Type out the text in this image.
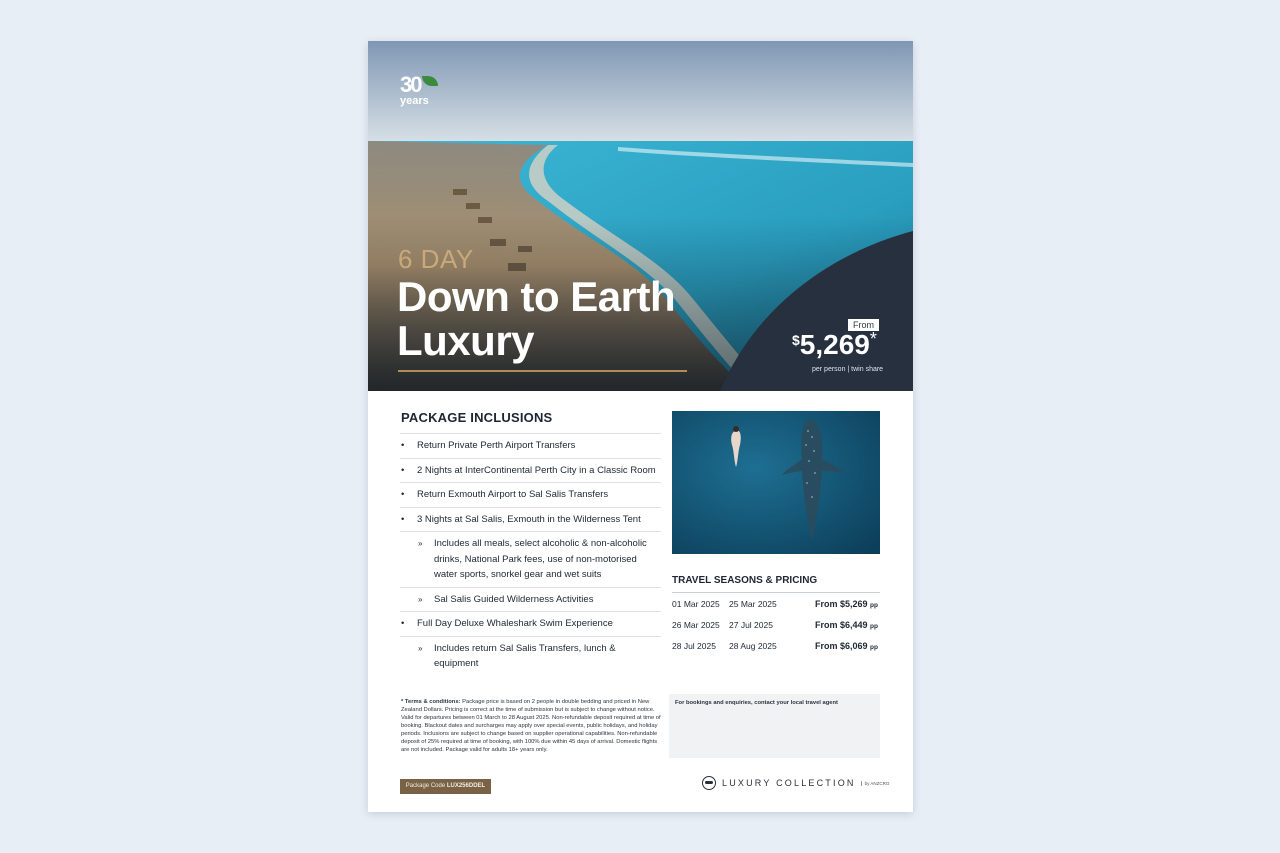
30
years
6 DAY
Down to Earth Luxury	From
$5,269*
per person | twin share
PACKAGE INCLUSIONS
• Return Private Perth Airport Transfers
• 2 Nights at InterContinental Perth City in a Classic Room
• Return Exmouth Airport to Sal Salis Transfers
• 3 Nights at Sal Salis, Exmouth in the Wilderness Tent
» Includes all meals, select alcoholic & non-alcoholic drinks, National Park fees, use of non-motorised water sports, snorkel gear and wet suits
» Sal Salis Guided Wilderness Activities
• Full Day Deluxe Whaleshark Swim Experience
» Includes return Sal Salis Transfers, lunch & equipment
TRAVEL SEASONS & PRICING
01 Mar 2025 25 Mar 2025	From $5,269 pp
26 Mar 2025 27 Jul 2025	From $6,449 pp
28 Jul 2025 28 Aug 2025	From $6,069 pp
* Terms & conditions: Package price is based on 2 people in double bedding and priced in New Zealand Dollars. Pricing is correct at the time of submission but is subject to change without notice. Valid for departures between 01 March to 28 August 2025. Non-refundable deposit required at time of booking. Blackout dates and surcharges may apply over special events, public holidays, and holiday periods. Inclusions are subject to change based on supplier operational capabilities. Non-refundable deposit of 25% required at time of booking, with 100% due within 45 days of arrival. Domestic flights are not included. Package valid for adults 18+ years only.
For bookings and enquiries, contact your local travel agent
Package Code LUX256DDEL	LUXURY COLLECTION	by ANZCRO
